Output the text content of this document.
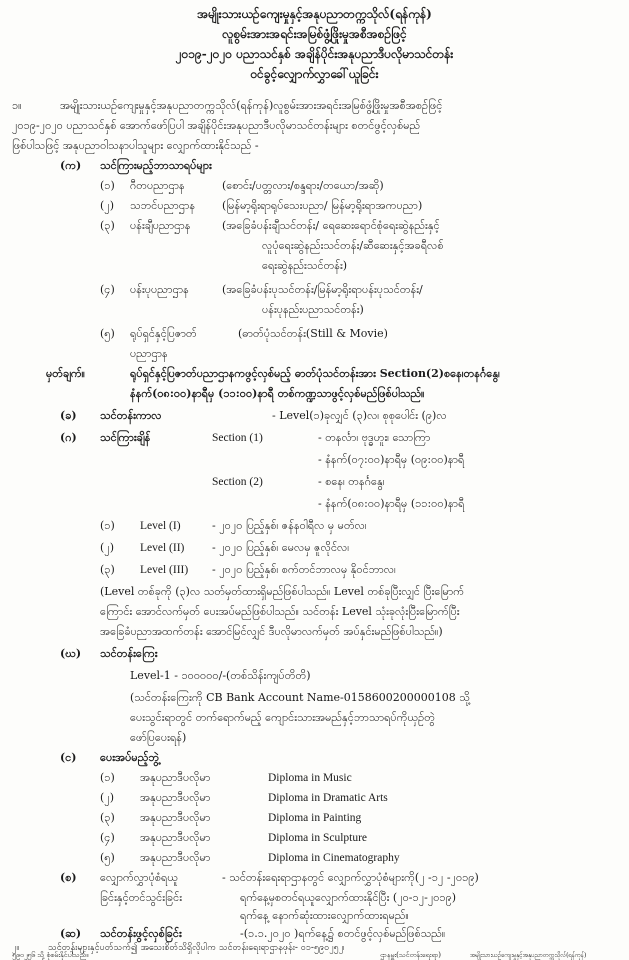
အမျိုးသားယဉ်ကျေးမှုနှင့်အနုပညာတက္ကသိုလ်(ရန်ကုန်)
လူစွမ်းအားအရင်းအမြစ်ဖွံ့ဖြိုးမှုအစီအစဉ်ဖြင့်
၂၀၁၉-၂၀၂၀ ပညာသင်နှစ် အချိန်ပိုင်းအနုပညာဒီပလိုမာသင်တန်း
ဝင်ခွင့်လျှောက်လွှာခေါ်ယူခြင်း
၁။	အမျိုးသားယဉ်ကျေးမှုနှင့်အနုပညာတက္ကသိုလ်(ရန်ကုန်)လူစွမ်းအားအရင်းအမြစ်ဖွံ့ဖြိုးမှုအစီအစဉ်ဖြင့်
၂၀၁၉-၂၀၂၀ ပညာသင်နှစ် အောက်ဖော်ပြပါ အချိန်ပိုင်းအနုပညာဒီပလိုမာသင်တန်းများ စတင်ဖွင့်လှစ်မည်
ဖြစ်ပါသဖြင့် အနုပညာဝါသနာပါသူများ လျှောက်ထားနိုင်သည် -
(က) သင်ကြားမည့်ဘာသာရပ်များ
(၁) ဂီတပညာဌာန	(စောင်း/ပတ္တလား/စန္ဒရား/တယော/အဆို)
(၂) သဘင်ပညာဌာန (မြန်မာ့ရိုးရာရုပ်သေးပညာ/ မြန်မာ့ရိုးရာအကပညာ)
(၃) ပန်းချီပညာဌာန	(အခြေခံပန်းချီသင်တန်း/ ရေဆေးရောင်စုံရေးဆွဲနည်းနှင့်
လူပုံရေးဆွဲနည်းသင်တန်း/ဆီဆေးနှင့်အခရီလစ်
ရေးဆွဲနည်းသင်တန်း)
(၄) ပန်းပုပညာဌာန	(အခြေခံပန်းပုသင်တန်း/မြန်မာ့ရိုးရာပန်းပုသင်တန်း/
ပန်းပုနည်းပညာသင်တန်း)
(၅) ရုပ်ရှင်နှင့်ပြဇာတ်	(ဓာတ်ပုံသင်တန်း(Still & Movie)
ပညာဌာန
မှတ်ချက်။	ရုပ်ရှင်နှင့်ပြဇာတ်ပညာဌာနကဖွင့်လှစ်မည့် ဓာတ်ပုံသင်တန်းအား Section(2)စနေ၊တနင်္ဂနွေ၊
နံနက်(၀၈:၀၀)နာရီမှ (၁၁:၀၀)နာရီ တစ်ကဏ္ဍသာဖွင့်လှစ်မည်ဖြစ်ပါသည်။
(ခ) သင်တန်းကာလ	- Level(၁)ခုလျှင် (၃)လ၊ စုစုပေါင်း (၉)လ
(ဂ) သင်ကြားချိန်	Section (1)	- တနင်္လာ၊ ဗုဒ္ဓဟူး၊ သောကြာ
- နံနက်(၀၇:၀၀)နာရီမှ (၀၉:၀၀)နာရီ
Section (2)	- စနေ၊ တနင်္ဂနွေ၊
- နံနက်(၀၈:၀၀)နာရီမှ (၁၁:၀၀)နာရီ
(၁) Level (I)	- ၂၀၂၀ ပြည့်နှစ်၊ ဇန်နဝါရီလ မှ မတ်လ၊
(၂) Level (II)	- ၂၀၂၀ ပြည့်နှစ်၊ မေလမှ ဇူလိုင်လ၊
(၃) Level (III) - ၂၀၂၀ ပြည့်နှစ်၊ စက်တင်ဘာလမှ နိုဝင်ဘာလ၊
(Level တစ်ခုကို (၃)လ သတ်မှတ်ထားရှိမည်ဖြစ်ပါသည်။ Level တစ်ခုပြီးလျှင် ပြီးမြောက်
ကြောင်း အောင်လက်မှတ် ပေးအပ်မည်ဖြစ်ပါသည်။ သင်တန်း Level သုံးခုလုံးပြီးမြောက်ပြီး
အခြေခံပညာအထက်တန်း အောင်မြင်လျှင် ဒီပလိုမာလက်မှတ် အပ်နှင်းမည်ဖြစ်ပါသည်။)
(ဃ) သင်တန်းကြေး
Level-1 - ၁၀၀၀၀၀/-(တစ်သိန်းကျပ်တိတိ)
(သင်တန်းကြေးကို CB Bank Account Name-0158600200000108 သို့
ပေးသွင်းရာတွင် တက်ရောက်မည့် ကျောင်းသားအမည်နှင့်ဘာသာရပ်ကိုယှဉ်တွဲ
ဖော်ပြပေးရန်)
(င) ပေးအပ်မည့်ဘွဲ့
(၁) အနုပညာဒီပလိုမာ	Diploma in Music
(၂) အနုပညာဒီပလိုမာ	Diploma in Dramatic Arts
(၃) အနုပညာဒီပလိုမာ	Diploma in Painting
(၄) အနုပညာဒီပလိုမာ	Diploma in Sculpture
(၅) အနုပညာဒီပလိုမာ	Diploma in Cinematography
(စ) လျှောက်လွှာပုံစံရယူ	- သင်တန်းရေးရာဌာနတွင် လျှောက်လွှာပုံစံများကို(၂ -၁၂ -၂၀၁၉)
ခြင်းနှင့်တင်သွင်းခြင်း	ရက်နေ့မှစတင်ရယူလျှောက်ထားနိုင်ပြီး (၂၀-၁၂-၂၀၁၉)
ရက်နေ့ နောက်ဆုံးထားလျှောက်ထားရမည်။
(ဆ) သင်တန်းဖွင့်လှစ်ခြင်း	-(၁.၁.၂၀၂၀ )ရက်နေ့၌ စတင်ဖွင့်လှစ်မည်ဖြစ်သည်။
၂။	သင်တန်းများနှင့်ပတ်သက်၍ အသေးစိတ်သိရှိလိုပါက သင်တန်းရေးရာဌာနဖုန်း- ၀၁-၅၉၀၂၅၂၊
၅၉၀၂၅၆ သို့ စုံစမ်းနိုင်ပါသည်။	ဌာနမှူး(သင်တန်းရေးရာ)	အမျိုးသားယဉ်ကျေးမှုနှင့်အနုပညာတက္ကသိုလ်(ရန်ကုန်)
